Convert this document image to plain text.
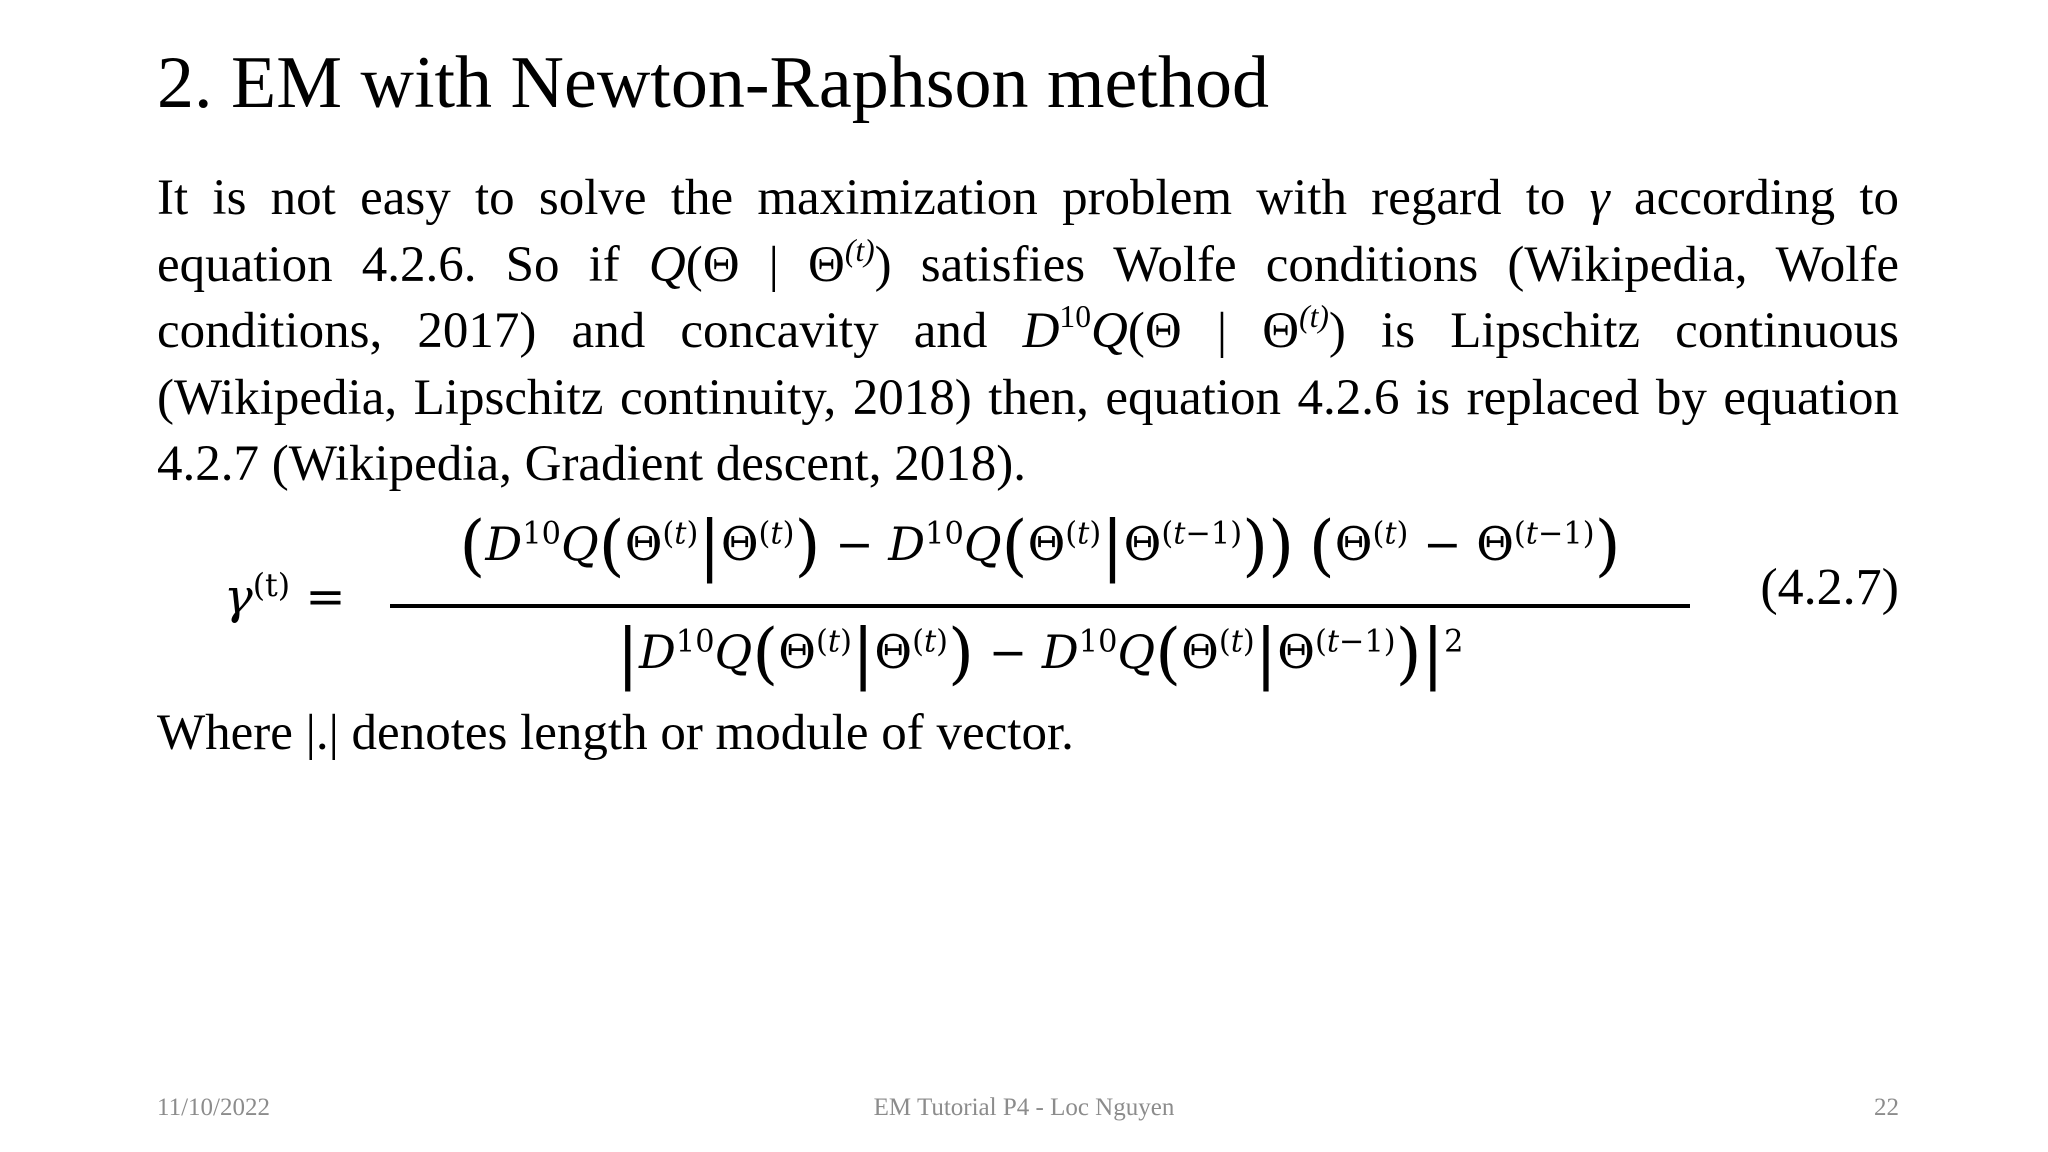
2. EM with Newton-Raphson method
It is not easy to solve the maximization problem with regard to γ according to equation 4.2.6. So if Q(Θ | $\Theta^{(t)}$) satisfies Wolfe conditions (Wikipedia, Wolfe conditions, 2017) and concavity and $D^{10}Q(\Theta$ | $\Theta^{(t)}$) is Lipschitz continuous (Wikipedia, Lipschitz continuity, 2018) then, equation 4.2.6 is replaced by equation 4.2.7 (Wikipedia, Gradient descent, 2018).
$\gamma^{(t)}$ =
$(D^{10}Q(\Theta^{(t)}|\Theta^{(t)}) - D^{10}Q(\Theta^{(t)}|\Theta^{(t-1)})) (\Theta^{(t)} - \Theta^{(t-1)})$
$|D^{10}Q(\Theta^{(t)}|\Theta^{(t)}) - D^{10}Q(\Theta^{(t)}|\Theta^{(t-1)})|^2$
(4.2.7)
Where |.| denotes length or module of vector.
11/10/2022	EM Tutorial P4 - Loc Nguyen	22
